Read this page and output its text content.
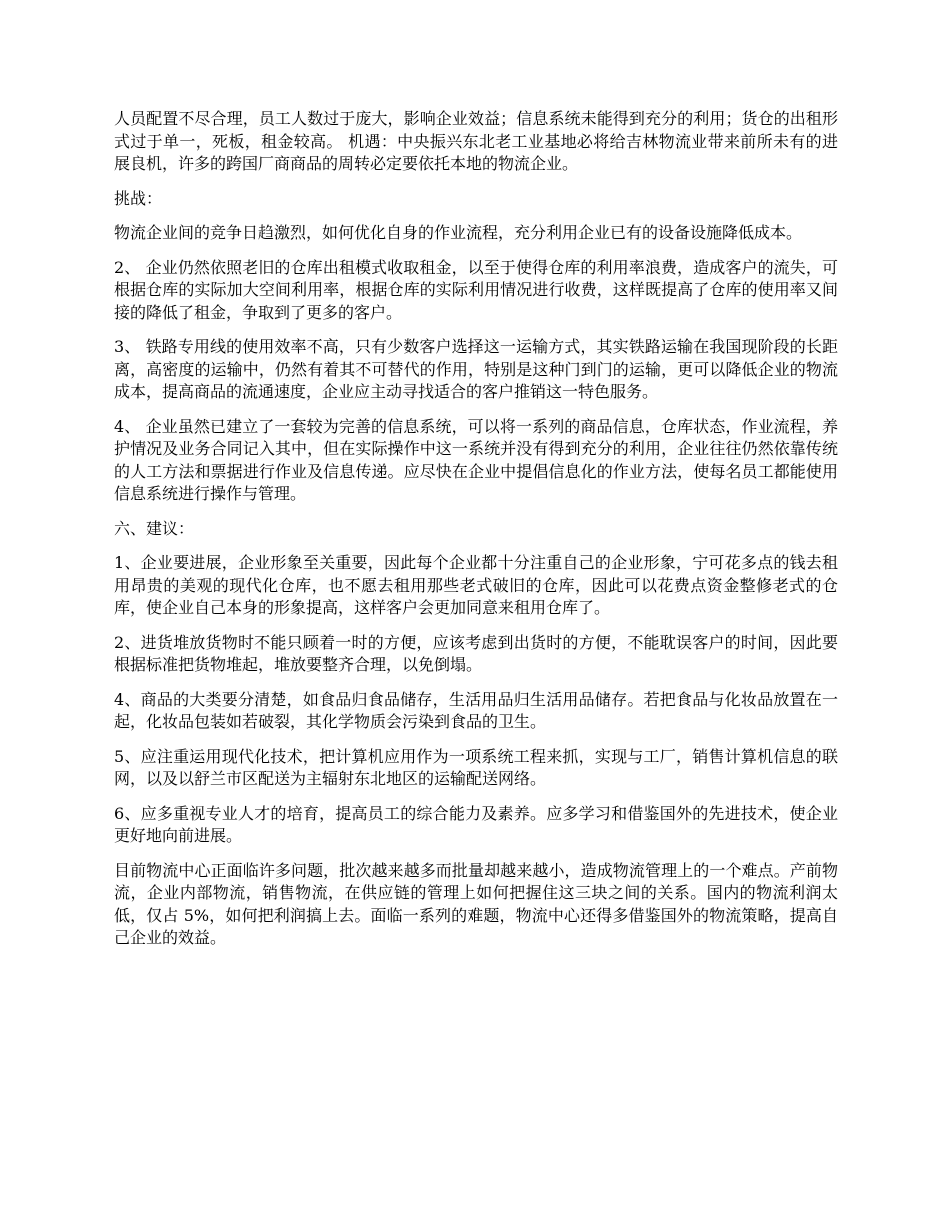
人员配置不尽合理，员工人数过于庞大，影响企业效益；信息系统未能得到充分的利用；货仓的出租形式过于单一，死板，租金较高。 机遇：中央振兴东北老工业基地必将给吉林物流业带来前所未有的进展良机，许多的跨国厂商商品的周转必定要依托本地的物流企业。

挑战：

物流企业间的竞争日趋激烈，如何优化自身的作业流程，充分利用企业已有的设备设施降低成本。

2、 企业仍然依照老旧的仓库出租模式收取租金，以至于使得仓库的利用率浪费，造成客户的流失，可根据仓库的实际加大空间利用率，根据仓库的实际利用情况进行收费，这样既提高了仓库的使用率又间接的降低了租金，争取到了更多的客户。

3、 铁路专用线的使用效率不高，只有少数客户选择这一运输方式，其实铁路运输在我国现阶段的长距离，高密度的运输中，仍然有着其不可替代的作用，特别是这种门到门的运输，更可以降低企业的物流成本，提高商品的流通速度，企业应主动寻找适合的客户推销这一特色服务。

4、 企业虽然已建立了一套较为完善的信息系统，可以将一系列的商品信息，仓库状态，作业流程，养护情况及业务合同记入其中，但在实际操作中这一系统并没有得到充分的利用，企业往往仍然依靠传统的人工方法和票据进行作业及信息传递。应尽快在企业中提倡信息化的作业方法，使每名员工都能使用信息系统进行操作与管理。

六、建议：

1、企业要进展，企业形象至关重要，因此每个企业都十分注重自己的企业形象，宁可花多点的钱去租用昂贵的美观的现代化仓库，也不愿去租用那些老式破旧的仓库，因此可以花费点资金整修老式的仓库，使企业自己本身的形象提高，这样客户会更加同意来租用仓库了。

2、进货堆放货物时不能只顾着一时的方便，应该考虑到出货时的方便，不能耽误客户的时间，因此要根据标准把货物堆起，堆放要整齐合理，以免倒塌。

4、商品的大类要分清楚，如食品归食品储存，生活用品归生活用品储存。若把食品与化妆品放置在一起，化妆品包装如若破裂，其化学物质会污染到食品的卫生。

5、应注重运用现代化技术，把计算机应用作为一项系统工程来抓，实现与工厂，销售计算机信息的联网，以及以舒兰市区配送为主辐射东北地区的运输配送网络。

6、应多重视专业人才的培育，提高员工的综合能力及素养。应多学习和借鉴国外的先进技术，使企业更好地向前进展。

目前物流中心正面临许多问题，批次越来越多而批量却越来越小，造成物流管理上的一个难点。产前物流，企业内部物流，销售物流，在供应链的管理上如何把握住这三块之间的关系。国内的物流利润太低，仅占 5%，如何把利润搞上去。面临一系列的难题，物流中心还得多借鉴国外的物流策略，提高自己企业的效益。
